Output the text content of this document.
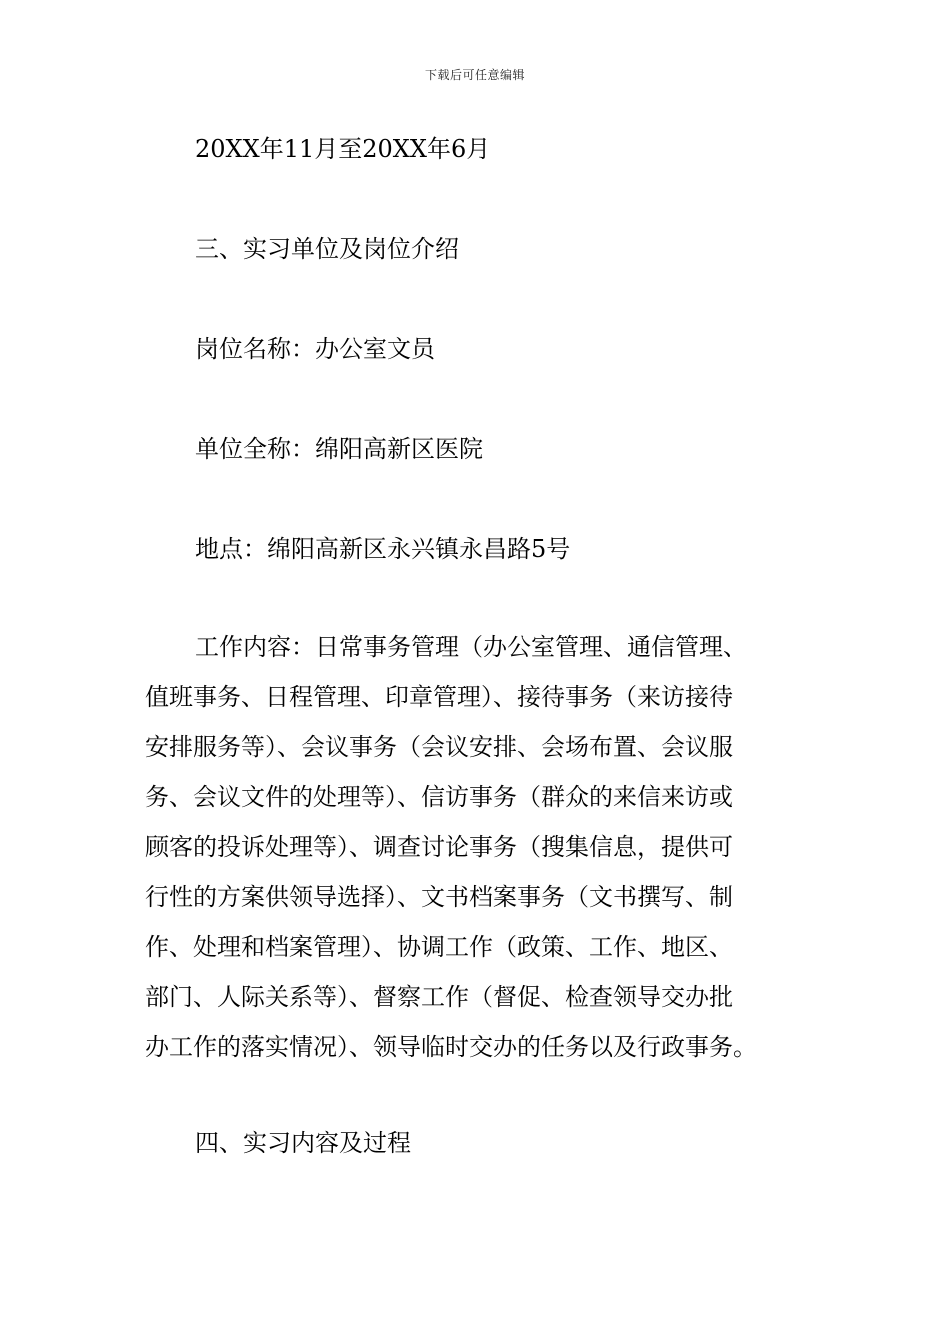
下载后可任意编辑
20XX年11月至20XX年6月
三、实习单位及岗位介绍
岗位名称：办公室文员
单位全称：绵阳高新区医院
地点：绵阳高新区永兴镇永昌路5号
工作内容：日常事务管理（办公室管理、通信管理、
值班事务、日程管理、印章管理）、接待事务（来访接待
安排服务等）、会议事务（会议安排、会场布置、会议服
务、会议文件的处理等）、信访事务（群众的来信来访或
顾客的投诉处理等）、调查讨论事务（搜集信息，提供可
行性的方案供领导选择）、文书档案事务（文书撰写、制
作、处理和档案管理）、协调工作（政策、工作、地区、
部门、人际关系等）、督察工作（督促、检查领导交办批
办工作的落实情况）、领导临时交办的任务以及行政事务。
四、实习内容及过程
